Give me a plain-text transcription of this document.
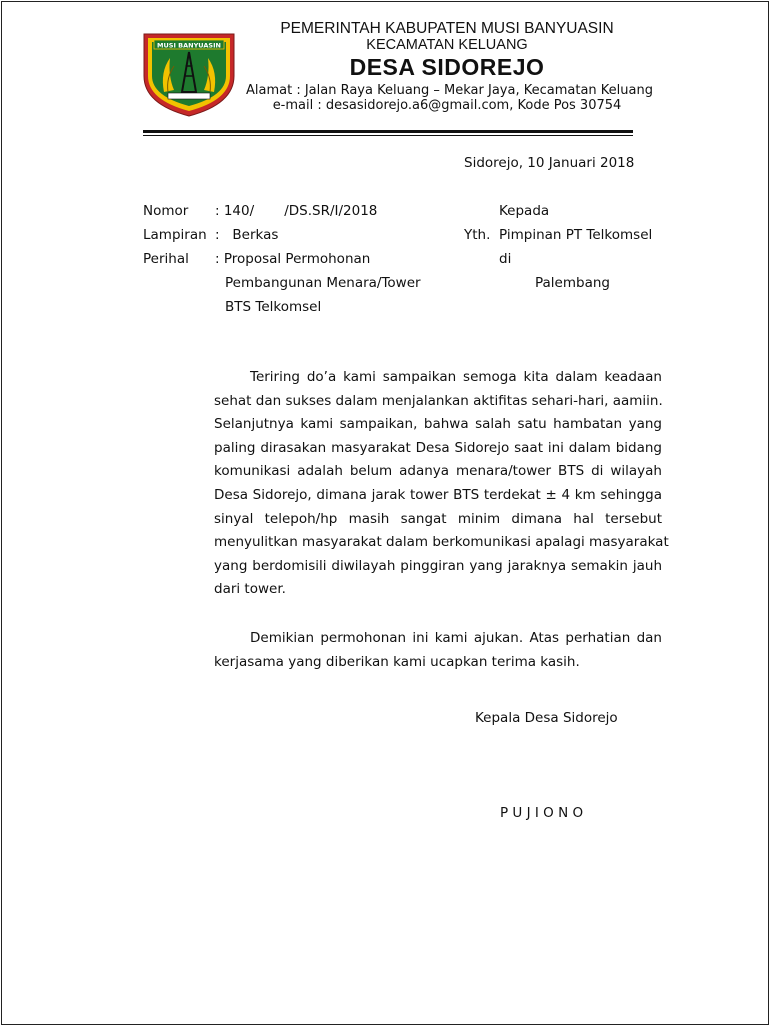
MUSI BANYUASIN
PEMERINTAH KABUPATEN MUSI BANYUASIN
KECAMATAN KELUANG
DESA SIDOREJO
Alamat : Jalan Raya Keluang – Mekar Jaya, Kecamatan Keluang
e-mail : desasidorejo.a6@gmail.com, Kode Pos 30754
Sidorejo, 10 Januari 2018
Nomor : 140/       /DS.SR/I/2018
Lampiran :   Berkas
Perihal : Proposal Permohonan
Pembangunan Menara/Tower
BTS Telkomsel
Kepada
Yth. Pimpinan PT Telkomsel
di
Palembang
Teriring do’a kami sampaikan semoga kita dalam keadaan
sehat dan sukses dalam menjalankan aktifitas sehari-hari, aamiin.
Selanjutnya kami sampaikan, bahwa salah satu hambatan yang
paling dirasakan masyarakat Desa Sidorejo saat ini dalam bidang
komunikasi adalah belum adanya menara/tower BTS di wilayah
Desa Sidorejo, dimana jarak tower BTS terdekat ± 4 km sehingga
sinyal telepoh/hp masih sangat minim dimana hal tersebut
menyulitkan masyarakat dalam berkomunikasi apalagi masyarakat
yang berdomisili diwilayah pinggiran yang jaraknya semakin jauh
dari tower.
Demikian permohonan ini kami ajukan. Atas perhatian dan
kerjasama yang diberikan kami ucapkan terima kasih.
Kepala Desa Sidorejo
P U J I O N O
